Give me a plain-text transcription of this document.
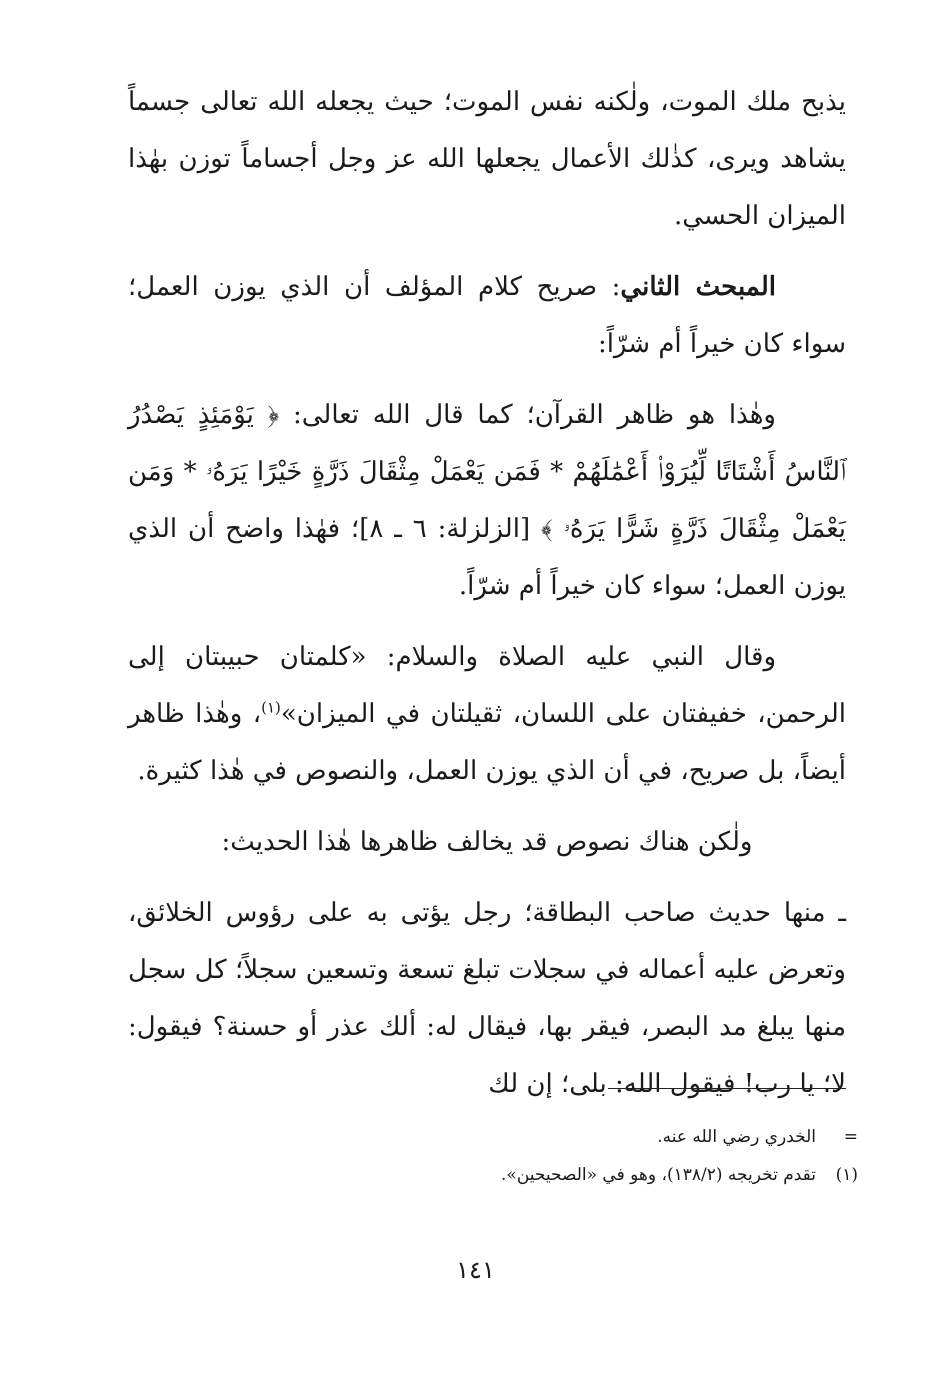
يذبح ملك الموت، ولٰكنه نفس الموت؛ حيث يجعله الله تعالى جسماً يشاهد ويرى، كذٰلك الأعمال يجعلها الله عز وجل أجساماً توزن بهٰذا الميزان الحسي.

المبحث الثاني: صريح كلام المؤلف أن الذي يوزن العمل؛ سواء كان خيراً أم شرّاً:

وهٰذا هو ظاهر القرآن؛ كما قال الله تعالى: ﴿ يَوْمَئِذٍ يَصْدُرُ ٱلنَّاسُ أَشْتَاتًا لِّيُرَوْا۟ أَعْمَٰلَهُمْ * فَمَن يَعْمَلْ مِثْقَالَ ذَرَّةٍ خَيْرًا يَرَهُۥ * وَمَن يَعْمَلْ مِثْقَالَ ذَرَّةٍ شَرًّا يَرَهُۥ ﴾ [الزلزلة: ٦ ـ ٨]؛ فهٰذا واضح أن الذي يوزن العمل؛ سواء كان خيراً أم شرّاً.

وقال النبي عليه الصلاة والسلام: «كلمتان حبيبتان إلى الرحمن، خفيفتان على اللسان، ثقيلتان في الميزان»$^{(١)}$، وهٰذا ظاهر أيضاً، بل صريح، في أن الذي يوزن العمل، والنصوص في هٰذا كثيرة.

ولٰكن هناك نصوص قد يخالف ظاهرها هٰذا الحديث:

ـ منها حديث صاحب البطاقة؛ رجل يؤتى به على رؤوس الخلائق، وتعرض عليه أعماله في سجلات تبلغ تسعة وتسعين سجلاً؛ كل سجل منها يبلغ مد البصر، فيقر بها، فيقال له: ألك عذر أو حسنة؟ فيقول: لا؛ يا رب! فيقول الله: بلى؛ إن لك

=
الخدري رضي الله عنه.
(١)
تقدم تخريجه (١٣٨/٢)، وهو في «الصحيحين».
١٤١
